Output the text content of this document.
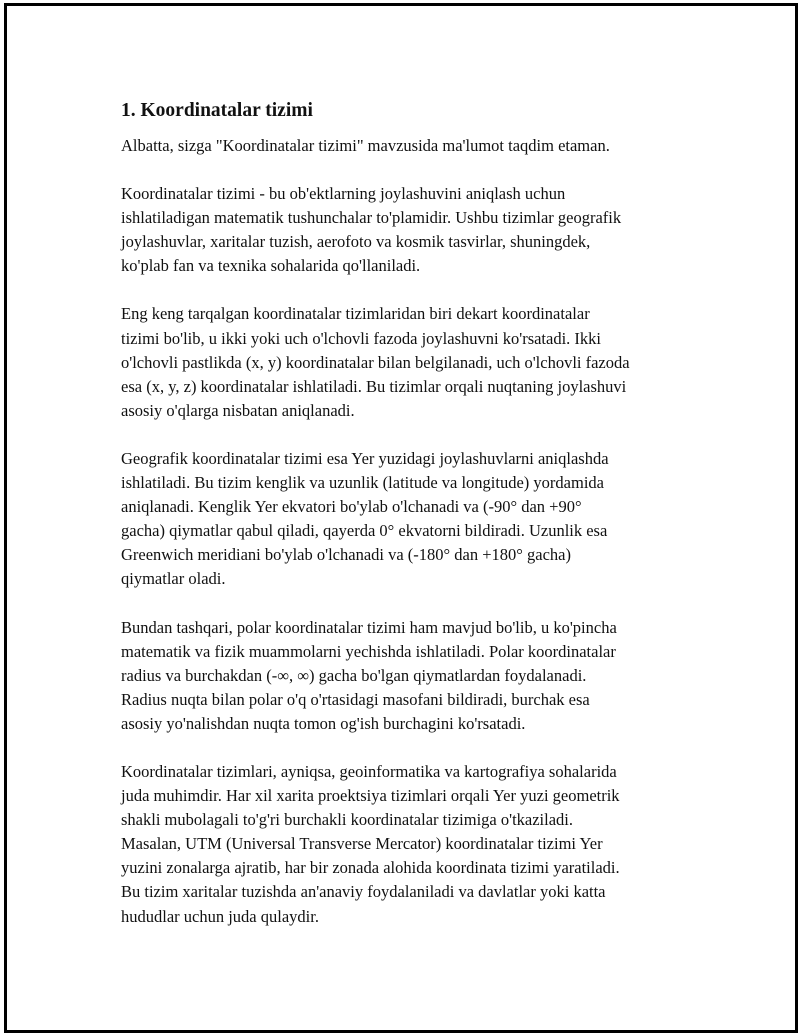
1. Koordinatalar tizimi

Albatta, sizga "Koordinatalar tizimi" mavzusida ma'lumot taqdim etaman.

Koordinatalar tizimi - bu ob'ektlarning joylashuvini aniqlash uchun
ishlatiladigan matematik tushunchalar to'plamidir. Ushbu tizimlar geografik
joylashuvlar, xaritalar tuzish, aerofoto va kosmik tasvirlar, shuningdek,
ko'plab fan va texnika sohalarida qo'llaniladi.

Eng keng tarqalgan koordinatalar tizimlaridan biri dekart koordinatalar
tizimi bo'lib, u ikki yoki uch o'lchovli fazoda joylashuvni ko'rsatadi. Ikki
o'lchovli pastlikda (x, y) koordinatalar bilan belgilanadi, uch o'lchovli fazoda
esa (x, y, z) koordinatalar ishlatiladi. Bu tizimlar orqali nuqtaning joylashuvi
asosiy o'qlarga nisbatan aniqlanadi.

Geografik koordinatalar tizimi esa Yer yuzidagi joylashuvlarni aniqlashda
ishlatiladi. Bu tizim kenglik va uzunlik (latitude va longitude) yordamida
aniqlanadi. Kenglik Yer ekvatori bo'ylab o'lchanadi va (-90° dan +90°
gacha) qiymatlar qabul qiladi, qayerda 0° ekvatorni bildiradi. Uzunlik esa
Greenwich meridiani bo'ylab o'lchanadi va (-180° dan +180° gacha)
qiymatlar oladi.

Bundan tashqari, polar koordinatalar tizimi ham mavjud bo'lib, u ko'pincha
matematik va fizik muammolarni yechishda ishlatiladi. Polar koordinatalar
radius va burchakdan (-∞, ∞) gacha bo'lgan qiymatlardan foydalanadi.
Radius nuqta bilan polar o'q o'rtasidagi masofani bildiradi, burchak esa
asosiy yo'nalishdan nuqta tomon og'ish burchagini ko'rsatadi.

Koordinatalar tizimlari, ayniqsa, geoinformatika va kartografiya sohalarida
juda muhimdir. Har xil xarita proektsiya tizimlari orqali Yer yuzi geometrik
shakli mubolagali to'g'ri burchakli koordinatalar tizimiga o'tkaziladi.
Masalan, UTM (Universal Transverse Mercator) koordinatalar tizimi Yer
yuzini zonalarga ajratib, har bir zonada alohida koordinata tizimi yaratiladi.
Bu tizim xaritalar tuzishda an'anaviy foydalaniladi va davlatlar yoki katta
hududlar uchun juda qulaydir.
